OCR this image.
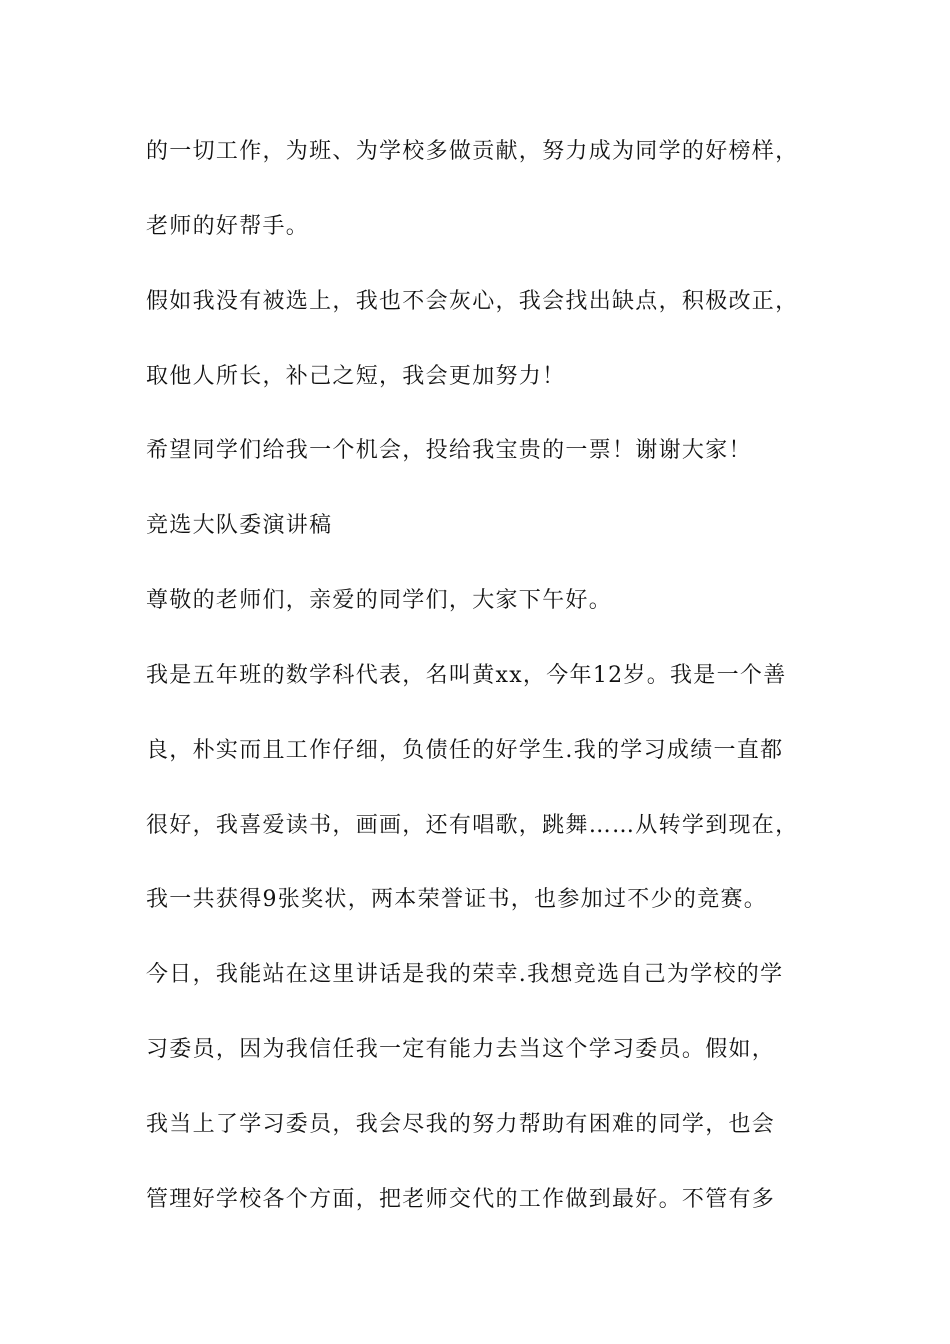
的一切工作，为班、为学校多做贡献，努力成为同学的好榜样，
老师的好帮手。
假如我没有被选上，我也不会灰心，我会找出缺点，积极改正，
取他人所长，补己之短，我会更加努力！
希望同学们给我一个机会，投给我宝贵的一票！谢谢大家！
竞选大队委演讲稿
尊敬的老师们，亲爱的同学们，大家下午好。
我是五年班的数学科代表，名叫黄xx，今年12岁。我是一个善
良，朴实而且工作仔细，负债任的好学生.我的学习成绩一直都
很好，我喜爱读书，画画，还有唱歌，跳舞……从转学到现在，
我一共获得9张奖状，两本荣誉证书，也参加过不少的竞赛。
今日，我能站在这里讲话是我的荣幸.我想竞选自己为学校的学
习委员，因为我信任我一定有能力去当这个学习委员。假如，
我当上了学习委员，我会尽我的努力帮助有困难的同学，也会
管理好学校各个方面，把老师交代的工作做到最好。不管有多
